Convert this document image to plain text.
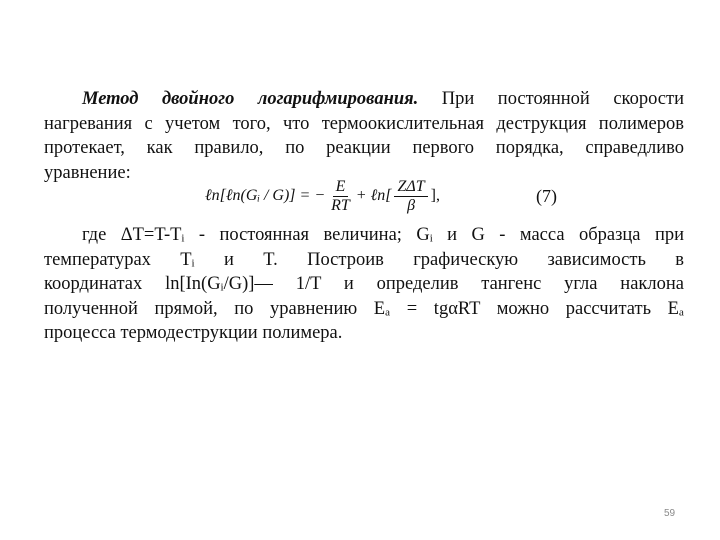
Метод двойного логарифмирования. При постоянной скорости
нагревания с учетом того, что термоокислительная деструкция полимеров
протекает, как правило, по реакции первого порядка, справедливо
уравнение:

ℓn[ℓn(Gᵢ / G)] = − $\frac{E}{RT}$ + ℓn[ $\frac{\text{ZΔT}}{\beta}$ ],	(7)

где ΔT=T-Tᵢ - постоянная величина; Gᵢ и G - масса образца при
температурах Tᵢ и T. Построив графическую зависимость в
координатах ln[In(Gᵢ/G)]— 1/T и определив тангенс угла наклона
полученной прямой, по уравнению Eₐ = tgαRT можно рассчитать Eₐ
процесса термодеструкции полимера.

59
